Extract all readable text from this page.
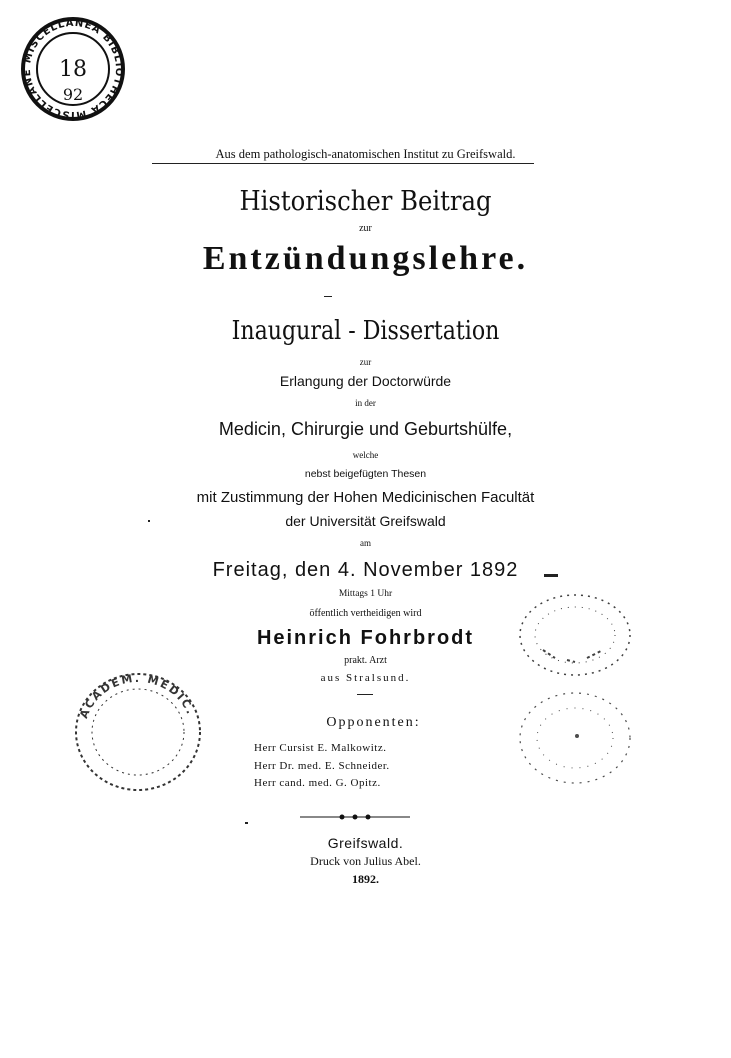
MISCELLANEA BIBLIOTHECA MISCELLANE	18
92
Aus dem pathologisch-anatomischen Institut zu Greifswald.
Historischer Beitrag
zur
Entzündungslehre.
Inaugural - Dissertation
zur
Erlangung der Doctorwürde
in der
Medicin, Chirurgie und Geburtshülfe,
welche
nebst beigefügten Thesen
mit Zustimmung der Hohen Medicinischen Facultät
der Universität Greifswald
am
Freitag, den 4. November 1892
Mittags 1 Uhr
öffentlich vertheidigen wird
Heinrich Fohrbrodt
prakt. Arzt
aus Stralsund.
Opponenten:
Herr Cursist E. Malkowitz.
Herr Dr. med. E. Schneider.
Herr cand. med. G. Opitz.
Greifswald.
Druck von Julius Abel.
1892.
ACADEM. MEDIC.
